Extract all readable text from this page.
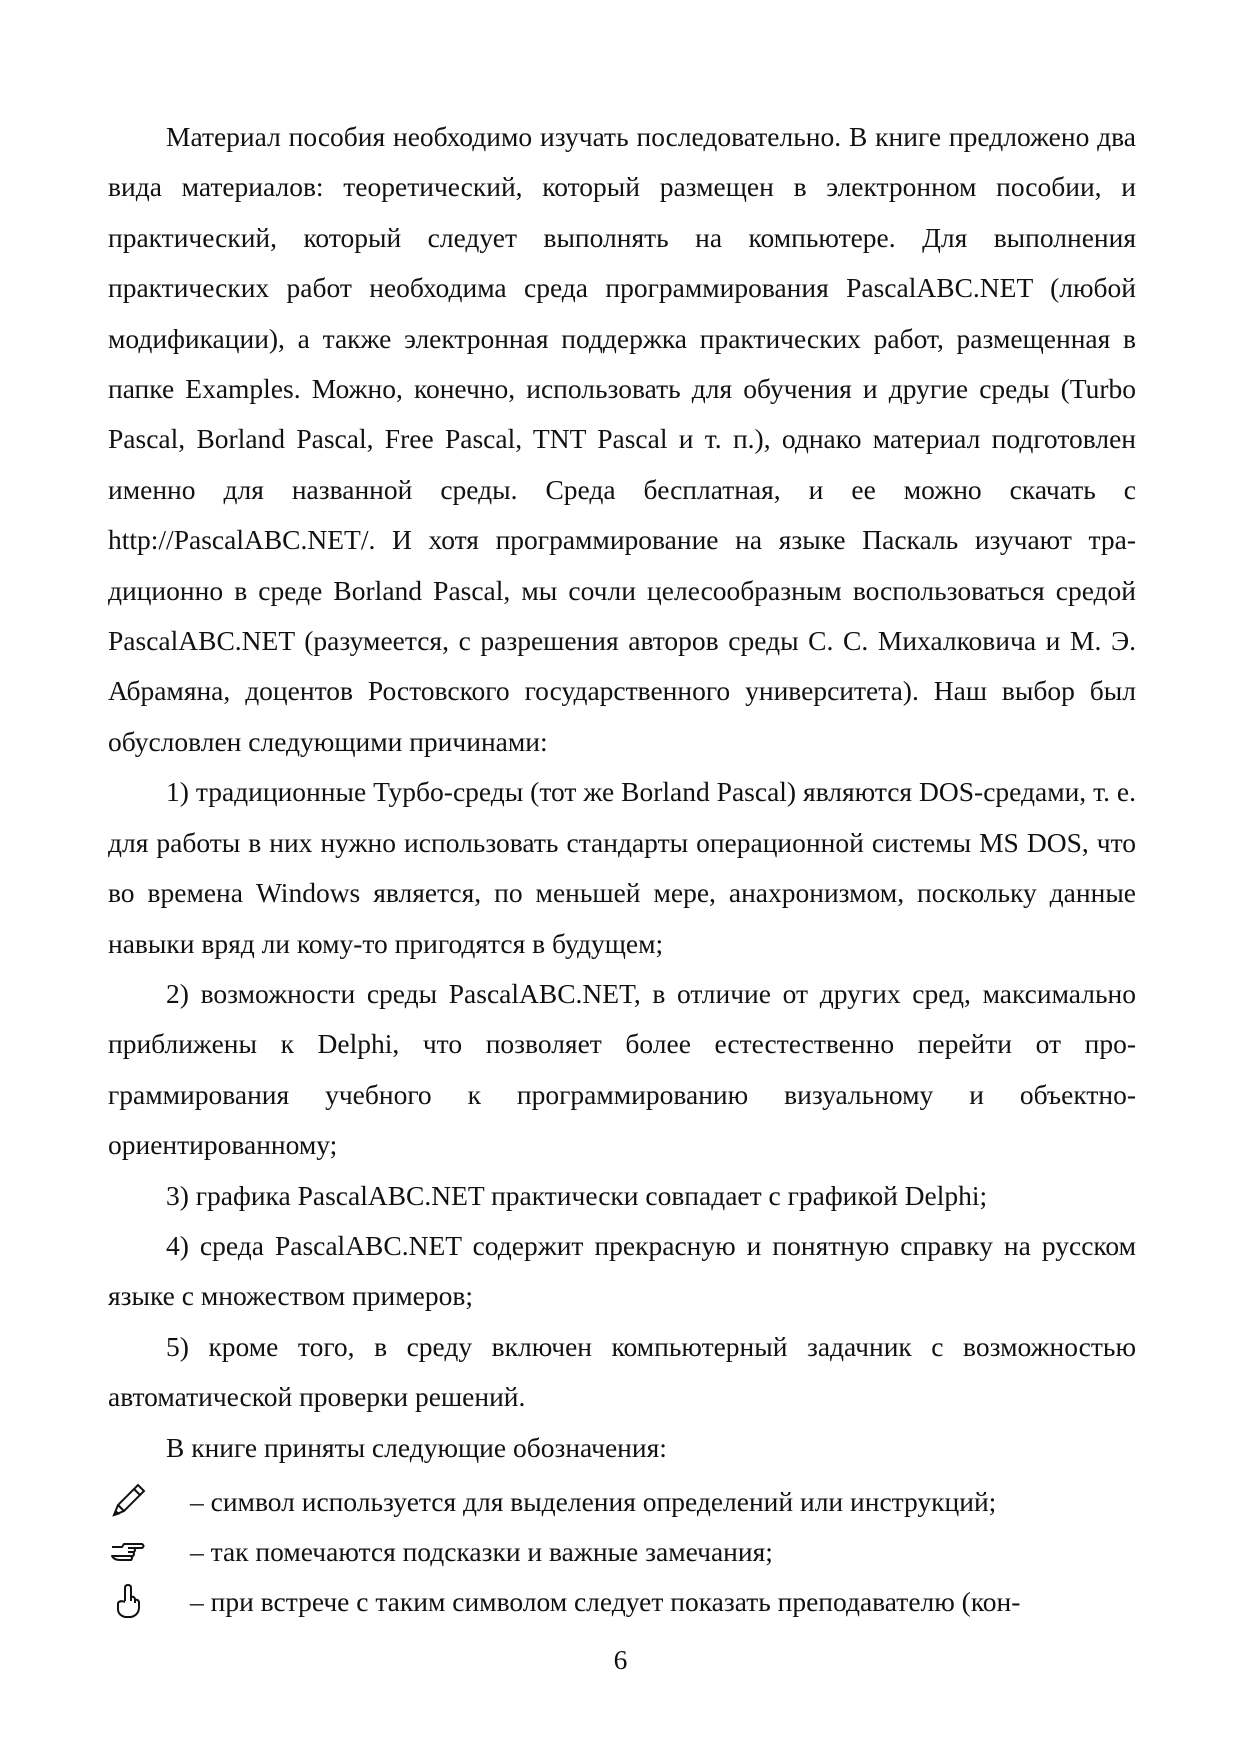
Материал пособия необходимо изучать последовательно. В книге предложено два вида материалов: теоретический, который размещен в электронном пособии, и практический, который следует выполнять на компьютере. Для выполнения практических работ необходима среда программирования PascalABC.NET (любой модификации), а также электронная поддержка практических работ, размещенная в папке Examples. Можно, конечно, использовать для обучения и другие среды (Turbo Pascal, Borland Pascal, Free Pascal, TNT Pascal и т. п.), однако материал подготовлен именно для названной среды. Среда бесплатная, и ее можно скачать с http://PascalABC.NET/. И хотя программирование на языке Паскаль изучают традиционно в среде Borland Pascal, мы сочли целесообразным воспользоваться средой PascalABC.NET (разумеется, с разрешения авторов среды С. С. Михалковича и М. Э. Абрамяна, доцентов Ростовского государственного университета). Наш выбор был обусловлен следующими причинами:

1) традиционные Турбо-среды (тот же Borland Pascal) являются DOS-средами, т. е. для работы в них нужно использовать стандарты операционной системы MS DOS, что во времена Windows является, по меньшей мере, анахронизмом, поскольку данные навыки вряд ли кому-то пригодятся в будущем;

2) возможности среды PascalABC.NET, в отличие от других сред, максимально приближены к Delphi, что позволяет более естестественно перейти от программирования учебного к программированию визуальному и объектно-ориентированному;

3) графика PascalABC.NET практически совпадает с графикой Delphi;

4) среда PascalABC.NET содержит прекрасную и понятную справку на русском языке с множеством примеров;

5) кроме того, в среду включен компьютерный задачник с возможностью автоматической проверки решений.

В книге приняты следующие обозначения:

– символ используется для выделения определений или инструкций;
– так помечаются подсказки и важные замечания;
– при встрече с таким символом следует показать преподавателю (кон-
6
